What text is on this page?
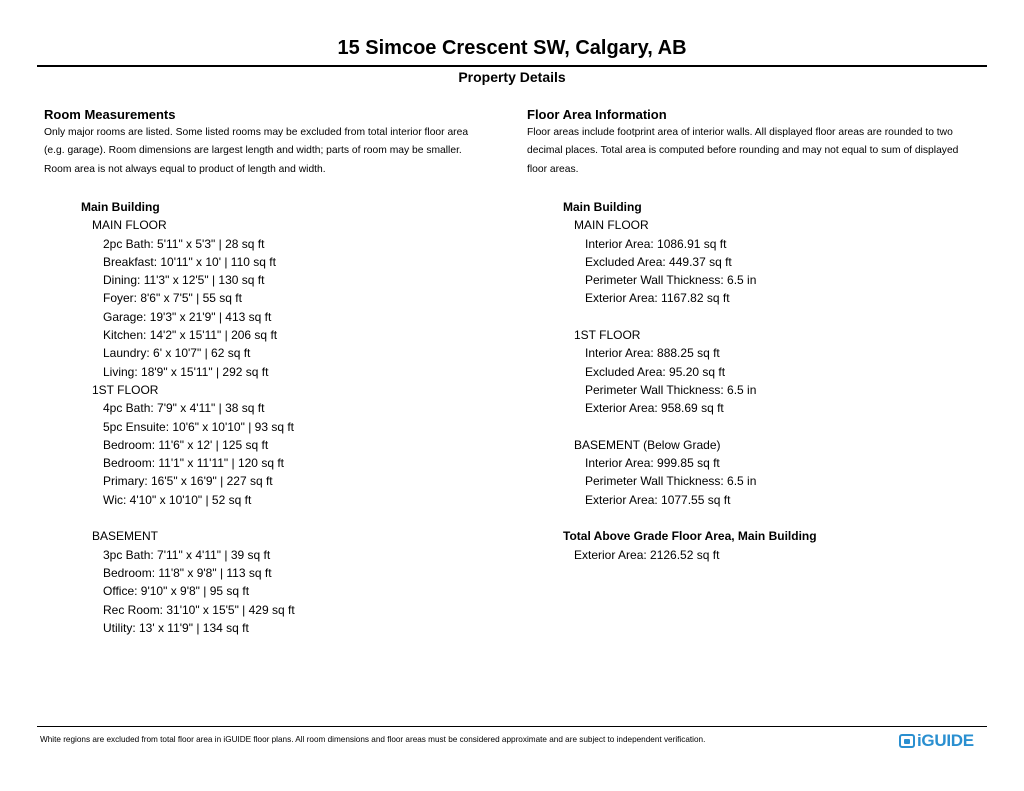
15 Simcoe Crescent SW, Calgary, AB
Property Details
Room Measurements

Only major rooms are listed. Some listed rooms may be excluded from total interior floor area

(e.g. garage). Room dimensions are largest length and width; parts of room may be smaller.

Room area is not always equal to product of length and width.

Floor Area Information

Floor areas include footprint area of interior walls. All displayed floor areas are rounded to two

decimal places. Total area is computed before rounding and may not equal to sum of displayed

floor areas.

Main Building
MAIN FLOOR
2pc Bath: 5'11" x 5'3" | 28 sq ft
Breakfast: 10'11" x 10' | 110 sq ft
Dining: 11'3" x 12'5" | 130 sq ft
Foyer: 8'6" x 7'5" | 55 sq ft
Garage: 19'3" x 21'9" | 413 sq ft
Kitchen: 14'2" x 15'11" | 206 sq ft
Laundry: 6' x 10'7" | 62 sq ft
Living: 18'9" x 15'11" | 292 sq ft
1ST FLOOR
4pc Bath: 7'9" x 4'11" | 38 sq ft
5pc Ensuite: 10'6" x 10'10" | 93 sq ft
Bedroom: 11'6" x 12' | 125 sq ft
Bedroom: 11'1" x 11'11" | 120 sq ft
Primary: 16'5" x 16'9" | 227 sq ft
Wic: 4'10" x 10'10" | 52 sq ft
BASEMENT
3pc Bath: 7'11" x 4'11" | 39 sq ft
Bedroom: 11'8" x 9'8" | 113 sq ft
Office: 9'10" x 9'8" | 95 sq ft
Rec Room: 31'10" x 15'5" | 429 sq ft
Utility: 13' x 11'9" | 134 sq ft
Main Building
MAIN FLOOR
Interior Area: 1086.91 sq ft
Excluded Area: 449.37 sq ft
Perimeter Wall Thickness: 6.5 in
Exterior Area: 1167.82 sq ft
1ST FLOOR
Interior Area: 888.25 sq ft
Excluded Area: 95.20 sq ft
Perimeter Wall Thickness: 6.5 in
Exterior Area: 958.69 sq ft
BASEMENT (Below Grade)
Interior Area: 999.85 sq ft
Perimeter Wall Thickness: 6.5 in
Exterior Area: 1077.55 sq ft
Total Above Grade Floor Area, Main Building
Exterior Area: 2126.52 sq ft
White regions are excluded from total floor area in iGUIDE floor plans. All room dimensions and floor areas must be considered approximate and are subject to independent verification.	iGUIDE
